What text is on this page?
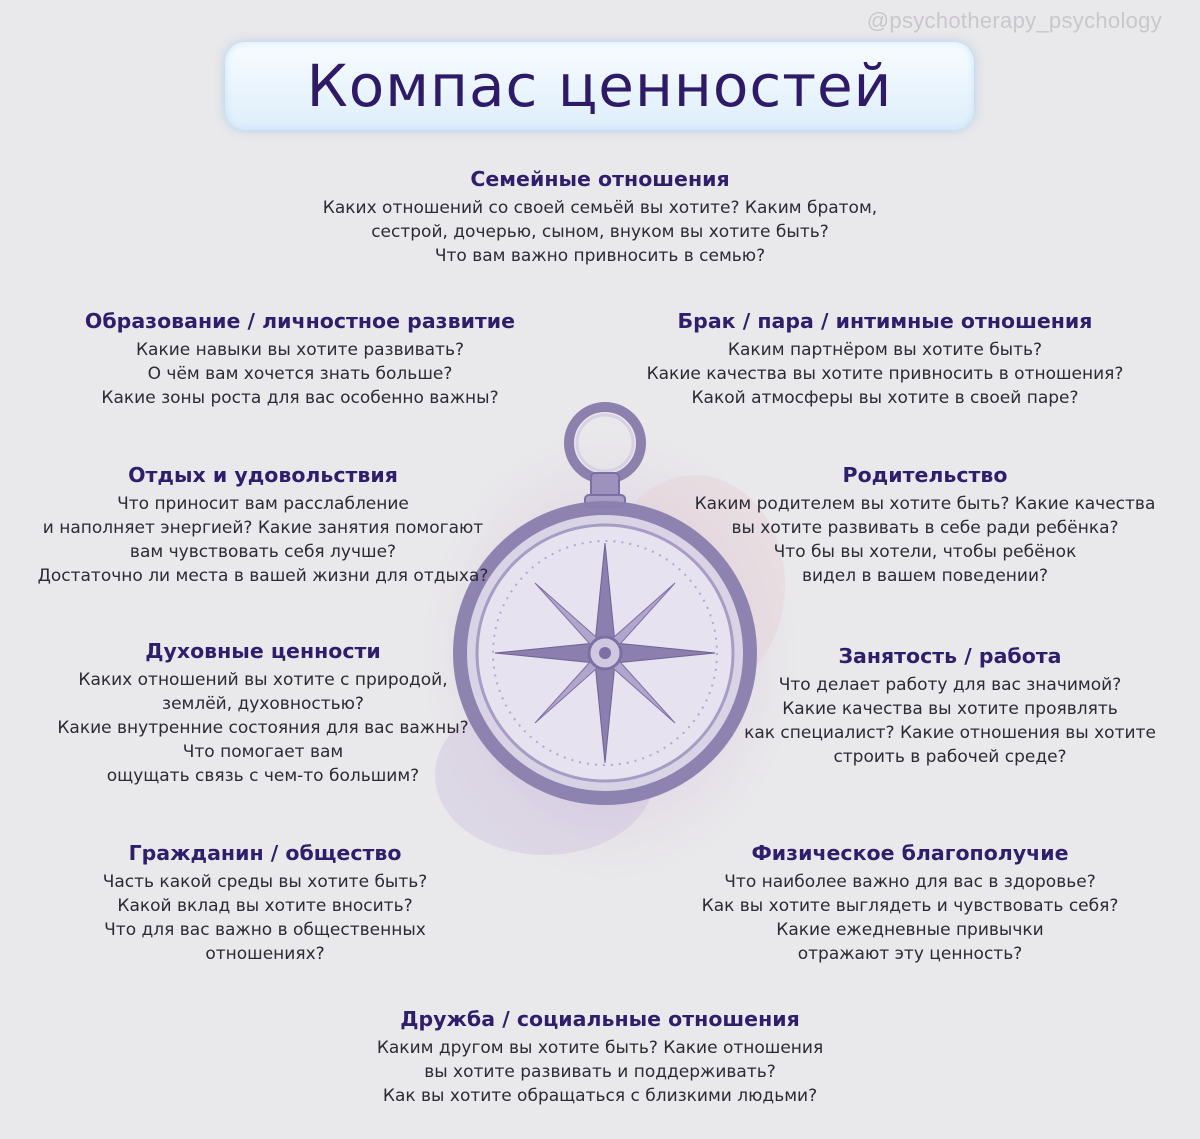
@psychotherapy_psychology
Компас ценностей
Семейные отношения
Каких отношений со своей семьёй вы хотите? Каким братом,
сестрой, дочерью, сыном, внуком вы хотите быть?
Что вам важно привносить в семью?
Образование / личностное развитие
Какие навыки вы хотите развивать?
О чём вам хочется знать больше?
Какие зоны роста для вас особенно важны?
Брак / пара / интимные отношения
Каким партнёром вы хотите быть?
Какие качества вы хотите привносить в отношения?
Какой атмосферы вы хотите в своей паре?
Отдых и удовольствия
Что приносит вам расслабление
и наполняет энергией? Какие занятия помогают
вам чувствовать себя лучше?
Достаточно ли места в вашей жизни для отдыха?
Родительство
Каким родителем вы хотите быть? Какие качества
вы хотите развивать в себе ради ребёнка?
Что бы вы хотели, чтобы ребёнок
видел в вашем поведении?
Духовные ценности
Каких отношений вы хотите с природой,
землёй, духовностью?
Какие внутренние состояния для вас важны?
Что помогает вам
ощущать связь с чем-то большим?
Занятость / работа
Что делает работу для вас значимой?
Какие качества вы хотите проявлять
как специалист? Какие отношения вы хотите
строить в рабочей среде?
Гражданин / общество
Часть какой среды вы хотите быть?
Какой вклад вы хотите вносить?
Что для вас важно в общественных
отношениях?
Физическое благополучие
Что наиболее важно для вас в здоровье?
Как вы хотите выглядеть и чувствовать себя?
Какие ежедневные привычки
отражают эту ценность?
Дружба / социальные отношения
Каким другом вы хотите быть? Какие отношения
вы хотите развивать и поддерживать?
Как вы хотите обращаться с близкими людьми?
